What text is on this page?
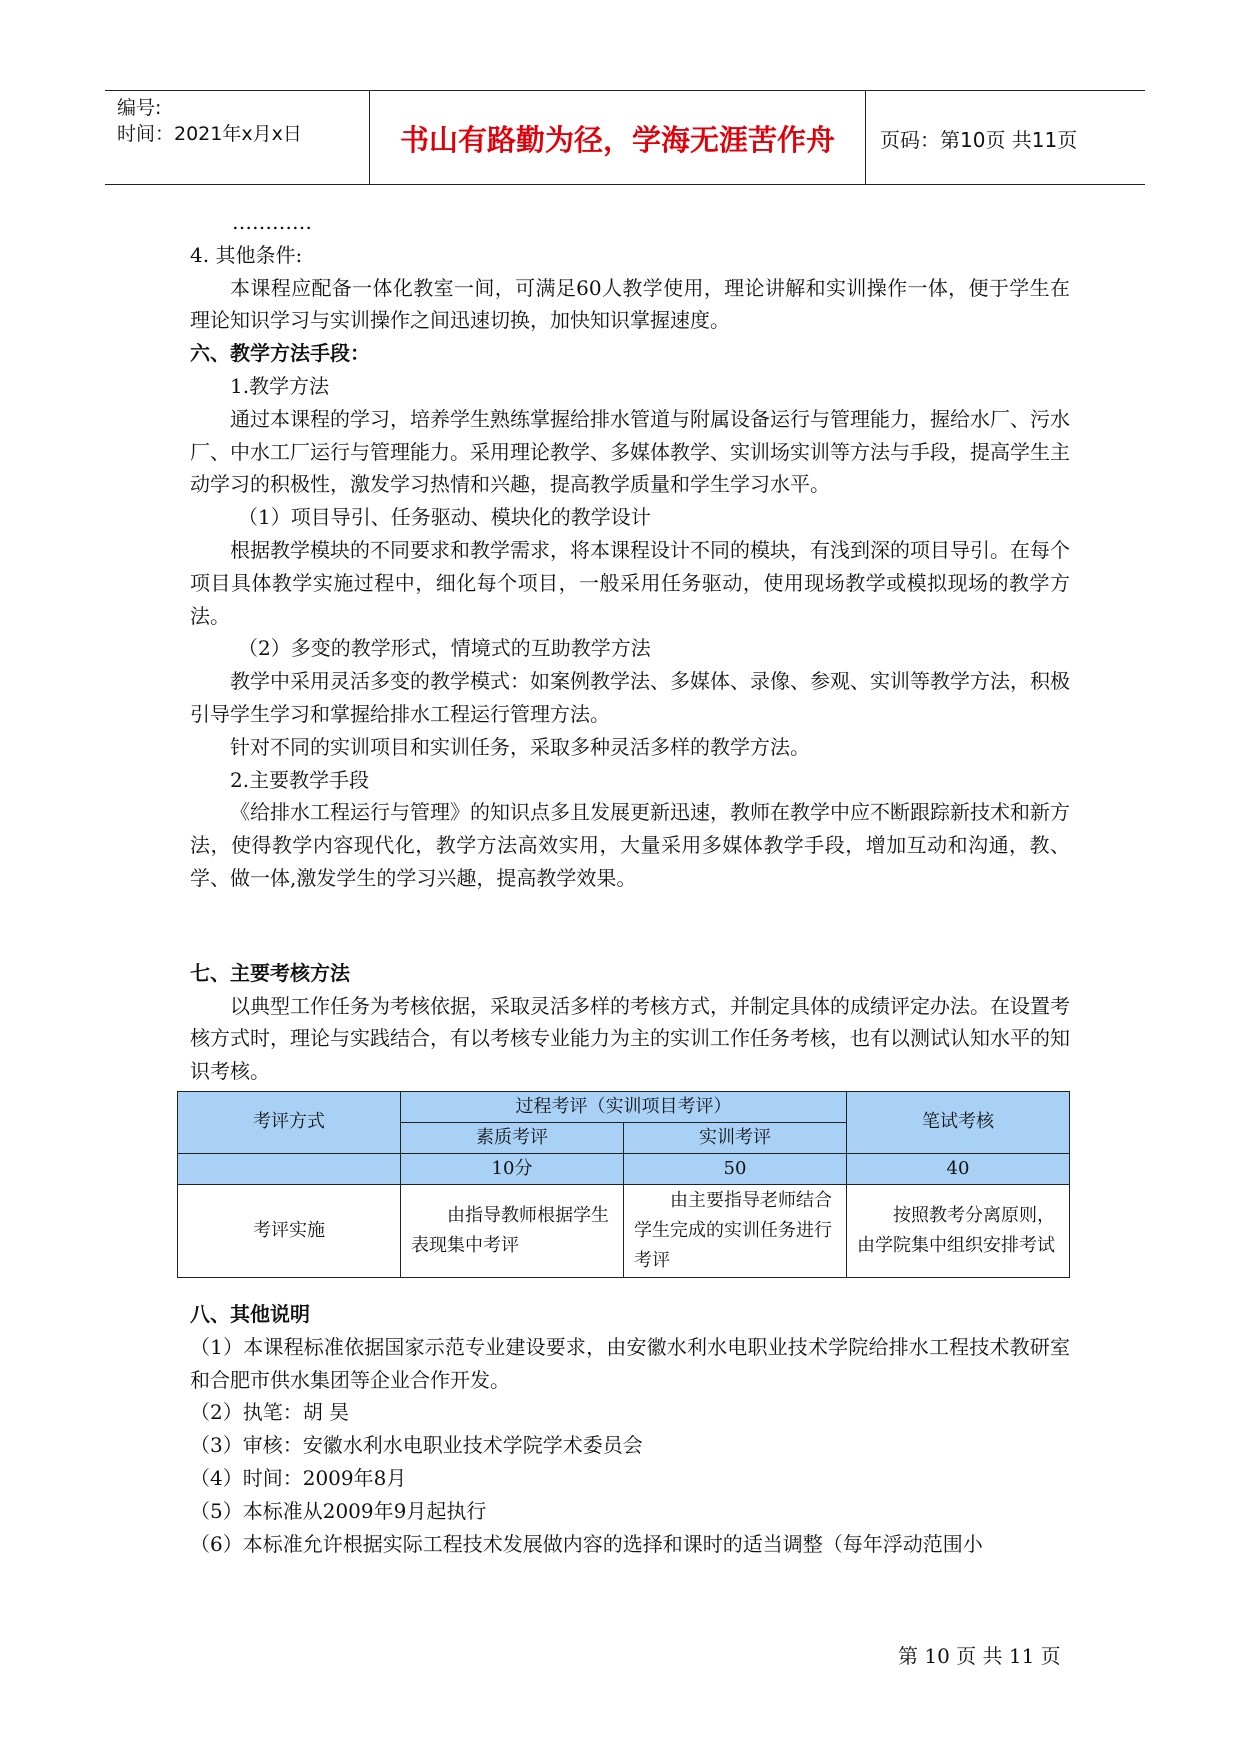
编号:
时间：2021年x月x日	书山有路勤为径，学海无涯苦作舟	页码：第10页 共11页

…………

4. 其他条件:

本课程应配备一体化教室一间，可满足60人教学使用，理论讲解和实训操作一体，便于学生在理论知识学习与实训操作之间迅速切换，加快知识掌握速度。

六、教学方法手段：

1.教学方法

通过本课程的学习，培养学生熟练掌握给排水管道与附属设备运行与管理能力，握给水厂、污水厂、中水工厂运行与管理能力。采用理论教学、多媒体教学、实训场实训等方法与手段，提高学生主动学习的积极性，激发学习热情和兴趣，提高教学质量和学生学习水平。

（1）项目导引、任务驱动、模块化的教学设计

根据教学模块的不同要求和教学需求，将本课程设计不同的模块，有浅到深的项目导引。在每个项目具体教学实施过程中，细化每个项目，一般采用任务驱动，使用现场教学或模拟现场的教学方法。

（2）多变的教学形式，情境式的互助教学方法

教学中采用灵活多变的教学模式：如案例教学法、多媒体、录像、参观、实训等教学方法，积极引导学生学习和掌握给排水工程运行管理方法。

针对不同的实训项目和实训任务，采取多种灵活多样的教学方法。

2.主要教学手段

《给排水工程运行与管理》的知识点多且发展更新迅速，教师在教学中应不断跟踪新技术和新方法，使得教学内容现代化，教学方法高效实用，大量采用多媒体教学手段，增加互动和沟通，教、学、做一体,激发学生的学习兴趣，提高教学效果。

七、主要考核方法

以典型工作任务为考核依据，采取灵活多样的考核方式，并制定具体的成绩评定办法。在设置考核方式时，理论与实践结合，有以考核专业能力为主的实训工作任务考核，也有以测试认知水平的知识考核。

考评方式	过程考评（实训项目考评）		笔试考核
	素质考评	实训考评	
	10分	50	40
考评实施	由指导教师根据学生表现集中考评	由主要指导老师结合学生完成的实训任务进行考评	按照教考分离原则，由学院集中组织安排考试

八、其他说明

（1）本课程标准依据国家示范专业建设要求，由安徽水利水电职业技术学院给排水工程技术教研室和合肥市供水集团等企业合作开发。

（2）执笔：胡 昊

（3）审核：安徽水利水电职业技术学院学术委员会

（4）时间：2009年8月

（5）本标准从2009年9月起执行

（6）本标准允许根据实际工程技术发展做内容的选择和课时的适当调整（每年浮动范围小

第 10 页 共 11 页
